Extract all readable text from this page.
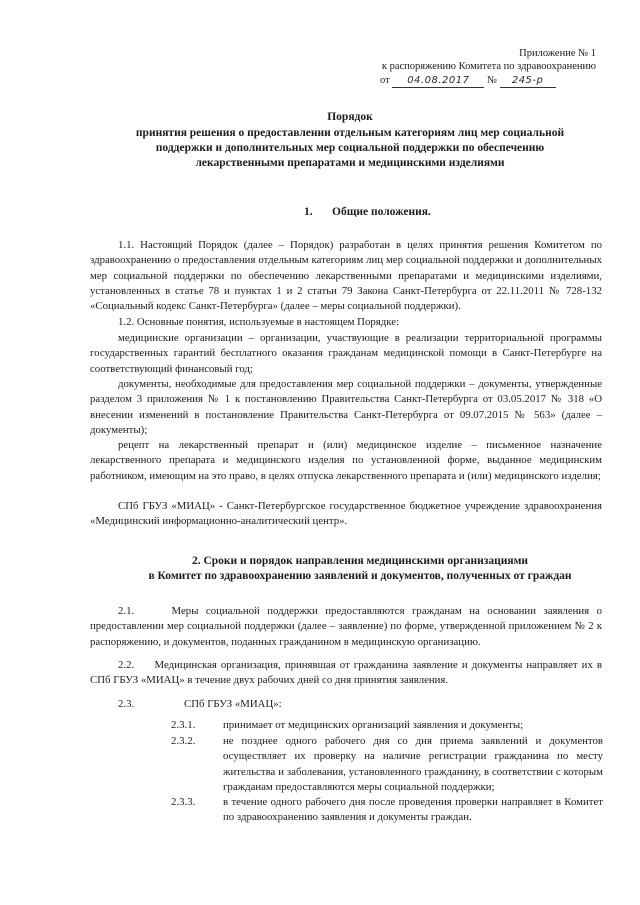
Приложение № 1
к распоряжению Комитета по здравоохранению
от 04.08.2017 № 245-р
Порядок
принятия решения о предоставлении отдельным категориям лиц мер социальной
поддержки и дополнительных мер социальной поддержки по обеспечению
лекарственными препаратами и медицинскими изделиями
1. Общие положения.
1.1. Настоящий Порядок (далее – Порядок) разработан в целях принятия решения Комитетом по здравоохранению о предоставления отдельным категориям лиц мер социальной поддержки и дополнительных мер социальной поддержки по обеспечению лекарственными препаратами и медицинскими изделиями, установленных в статье 78 и пунктах 1 и 2 статьи 79 Закона Санкт-Петербурга от 22.11.2011 № 728-132 «Социальный кодекс Санкт-Петербурга» (далее – меры социальной поддержки).
1.2. Основные понятия, используемые в настоящем Порядке:
медицинские организации – организации, участвующие в реализации территориальной программы государственных гарантий бесплатного оказания гражданам медицинской помощи в Санкт-Петербурге на соответствующий финансовый год;
документы, необходимые для предоставления мер социальной поддержки – документы, утвержденные разделом 3 приложения № 1 к постановлению Правительства Санкт-Петербурга от 03.05.2017 № 318 «О внесении изменений в постановление Правительства Санкт-Петербурга от 09.07.2015 № 563» (далее – документы);
рецепт на лекарственный препарат и (или) медицинское изделие – письменное назначение лекарственного препарата и медицинского изделия по установленной форме, выданное медицинским работником, имеющим на это право, в целях отпуска лекарственного препарата и (или) медицинского изделия;
СПб ГБУЗ «МИАЦ» - Санкт-Петербургское государственное бюджетное учреждение здравоохранения «Медицинский информационно-аналитический центр».
2. Сроки и порядок направления медицинскими организациями
в Комитет по здравоохранению заявлений и документов, полученных от граждан
2.1.	Меры социальной поддержки предоставляются гражданам на основании заявления о предоставлении мер социальной поддержки (далее – заявление) по форме, утвержденной приложением № 2 к распоряжению, и документов, поданных гражданином в медицинскую организацию.
2.2. Медицинская организация, принявшая от гражданина заявление и документы направляет их в СПб ГБУЗ «МИАЦ» в течение двух рабочих дней со дня принятия заявления.
2.3.	СПб ГБУЗ «МИАЦ»:
2.3.1.	принимает от медицинских организаций заявления и документы;
2.3.2.	не позднее одного рабочего дня со дня приема заявлений и документов осуществляет их проверку на наличие регистрации гражданина по месту жительства и заболевания, установленного гражданину, в соответствии с которым гражданам предоставляются меры социальной поддержки;
2.3.3.	в течение одного рабочего дня после проведения проверки направляет в Комитет по здравоохранению заявления и документы граждан.
